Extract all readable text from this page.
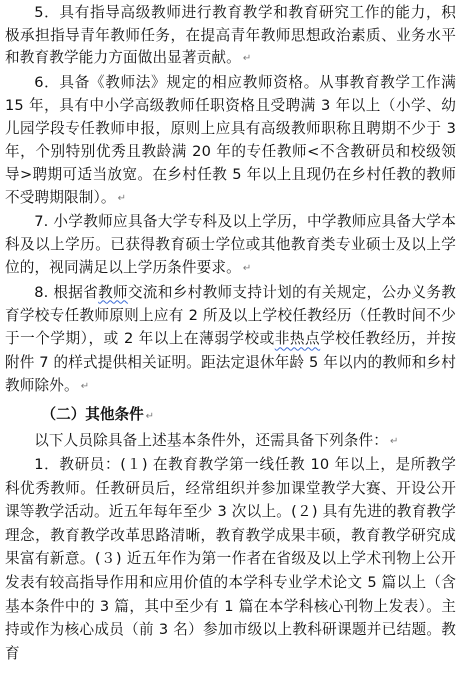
5．具有指导高级教师进行教育教学和教育研究工作的能力，积极承担指导青年教师任务，在提高青年教师思想政治素质、业务水平和教育教学能力方面做出显著贡献。 ↵

6．具备《教师法》规定的相应教师资格。从事教育教学工作满 15 年，具有中小学高级教师任职资格且受聘满 3 年以上（小学、幼儿园学段专任教师申报，原则上应具有高级教师职称且聘期不少于 3 年，个别特别优秀且教龄满 20 年的专任教师<不含教研员和校级领导>聘期可适当放宽。在乡村任教 5 年以上且现仍在乡村任教的教师不受聘期限制）。 ↵

7. 小学教师应具备大学专科及以上学历，中学教师应具备大学本科及以上学历。已获得教育硕士学位或其他教育类专业硕士及以上学位的，视同满足以上学历条件要求。 ↵

8. 根据省教师交流和乡村教师支持计划的有关规定，公办义务教育学校专任教师原则上应有 2 所及以上学校任教经历（任教时间不少于一个学期），或 2 年以上在薄弱学校或非热点学校任教经历，并按附件 7 的样式提供相关证明。距法定退休年龄 5 年以内的教师和乡村教师除外。 ↵

（二）其他条件 ↵

以下人员除具备上述基本条件外，还需具备下列条件： ↵

1．教研员：(１) 在教育教学第一线任教 10 年以上，是所教学科优秀教师。任教研员后，经常组织并参加课堂教学大赛、开设公开课等教学活动。近五年每年至少 3 次以上。(２) 具有先进的教育教学理念，教育教学改革思路清晰，教育教学成果丰硕，教育教学研究成果富有新意。(３) 近五年作为第一作者在省级及以上学术刊物上公开发表有较高指导作用和应用价值的本学科专业学术论文 5 篇以上（含基本条件中的 3 篇，其中至少有 1 篇在本学科核心刊物上发表）。主持或作为核心成员（前 3 名）参加市级以上教科研课题并已结题。教育
